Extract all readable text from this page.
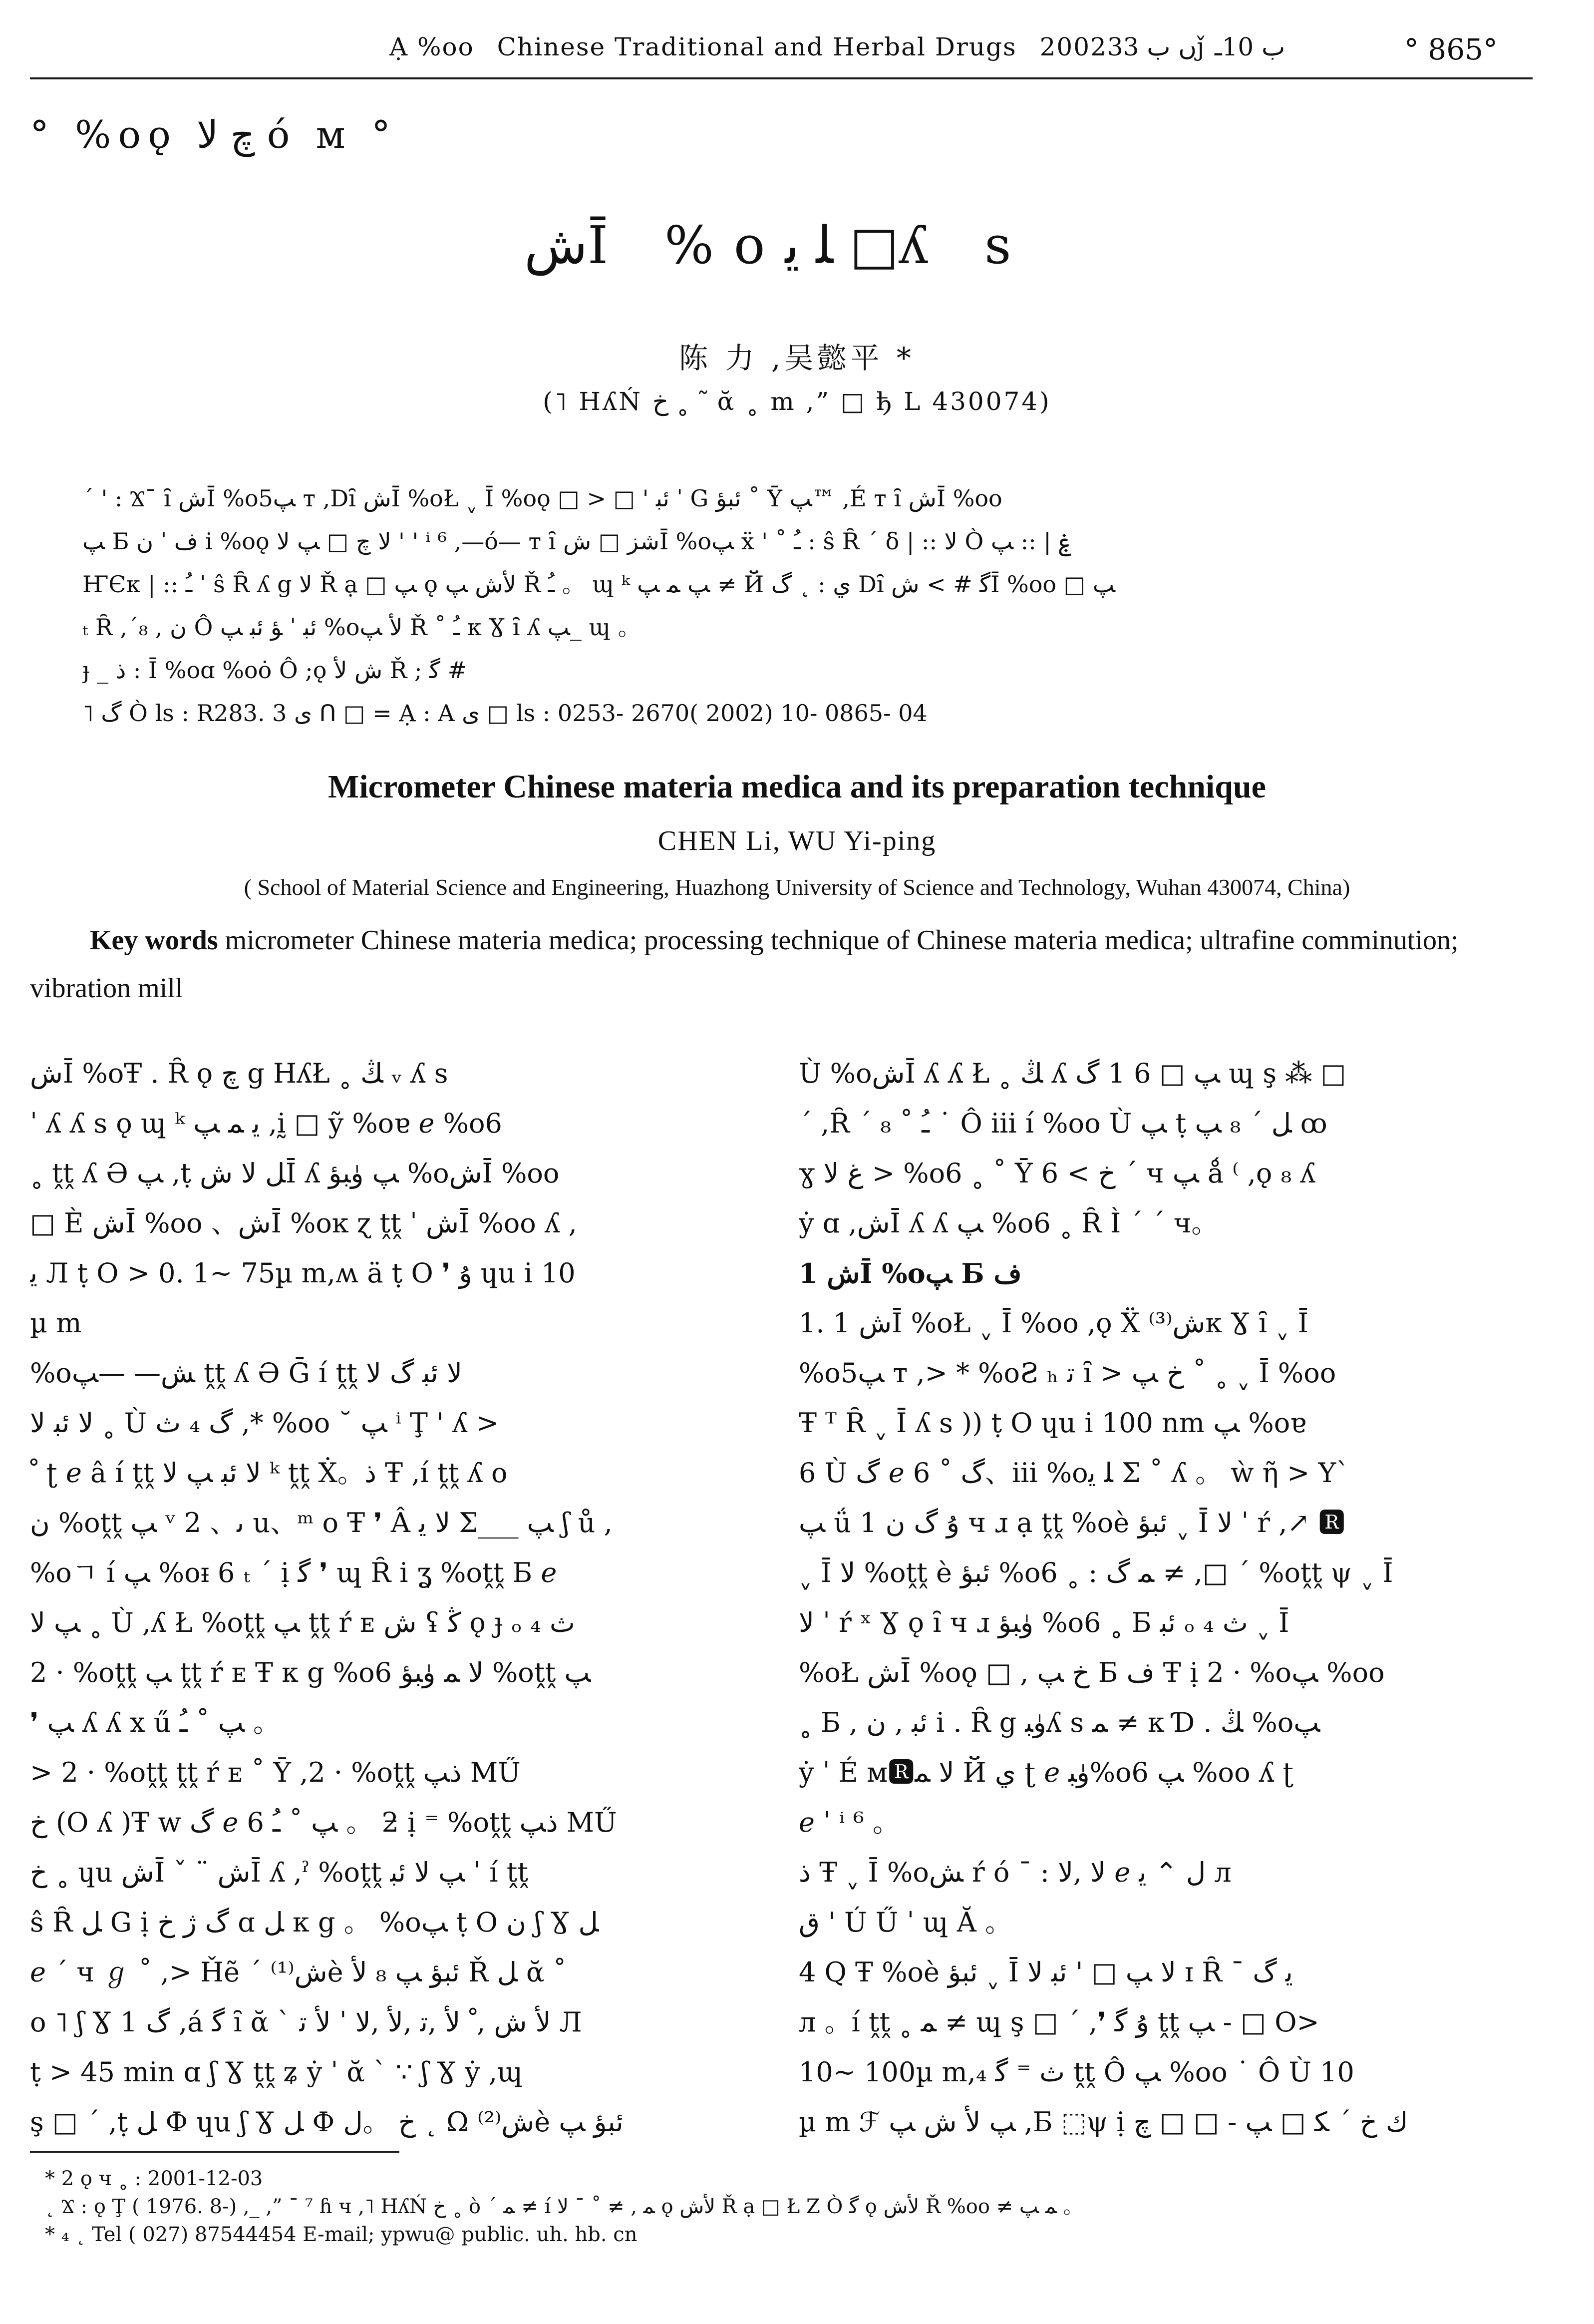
Ạ %oo Chinese Traditional and Herbal Drugs 2002ں ب 33ǰ ب 10ـ	° 865°
° %oǫ چ ﻻ ó м °
ﺵĪ %oﻠ ﻳ □ʎ s
陈 力 ,吴懿平 *
(˥ HʎŃ خ ˳ ˜ ᾰ ˳ m ,” □ ђ L 430074)
ˊ ' : Ϫˉ ȋ ﺵĪ %oﭗ5 т ,Dȋ ﺵĪ %oŁ ˬ Ī %oǫ □ > □ ' ﺋﺒ ˈ G ﺋﺒﺆ ˚ Ȳ ﭗ™ ,É т ȋ ﺵĪ %oo
ﭗ Б ﻑ ˈ ﻥ i %oǫ ﻻ چ □ ﭗ ﻻ ' ' ⁱ ⁶ ,—ó— т ȋ ﺷﺰ □ ﺵĪ %oﭗ ẍ ' ˚ ﹹ : ŝ Ȓ ˊ δ | :: ﻻ Ò ۼ | :: ﭗ
ҤЄк | :: ﹹ ˈ ŝ Ȓ ʎ g ﻻ Ř ạ □ ﭗ ǫ ﻷﺵ ﭗ Ř ﹹ 。 ɰ ᵏ ﭗ ﻤ ﭗ ≠ Й ﻱ : ˛ ﮒ Dȋ ﮔ # > ﺵĪ %oo □ ﭗ
ₜ Ȓ ,ˊﻥ , ₈ Ô ﺋﺒ ˈ ﺆ ﺋﺒ ﭗ %oﻷ ﭗ Ř ˚ ﹹ к Ɣ ȋ ʎ ﭗ_ ɰ 。
ɟ _ ﺫ : Ī %oɑ %oȯ Ô ;ǫ ﺵ ﻷ Ř ; ﮔ #
˥ ﮒ Ò ls : R283. 3 ﻯ ᑎ □ = Ạ : A ﻯ □ ls : 0253- 2670( 2002) 10- 0865- 04
Micrometer Chinese materia medica and its preparation technique
CHEN Li, WU Yi-ping
( School of Material Science and Engineering, Huazhong University of Science and Technology, Wuhan 430074, China)
Key words micrometer Chinese materia medica; processing technique of Chinese materia medica; ultrafine comminution; vibration mill
ﺵĪ %oŦ . Ȓ ǫ چ g HʎŁ ˳ ﯔ ᵥ ʎ s
ˈ ʎ ʎ s ǫ ɰ ᵏ ﻳ ﻤ ﭗ ,ḭ □ ỹ %oɐ ℯ %o6
˳ ṱṱ ʎ Ə ﭗ ,ṭ ﻞ ﻻ ﺵĪ ʎ ﭗ ﯛﺒﺆ %oﺵĪ %oo
□ È ﺵĪ %oo 、ﺵĪ %oĸ ɀ ṱṱ ˈ ﺵĪ %oo ʎ ,
ﻳ Л ṭ O > 0. 1~ 75µ m,ʍ ä ṭ O ❜ ۇ ɥu i 10
µ m
%oﺶ— —ﭗ ṱṱ ʎ Ə Ḡ í ṱṱ ﻻ ﺋﺒ ﮒ ﻻ
ﻻ ﺋﺒ ﻻ ˳ Ù ﮒ ₄ ﺙ ,* %oo ˘ ﭗ ⁱ Ţ ' ʎ >
ﹾ ʈ ℯ â í ṱṱ ﻻ ﺋﺒ ﭗ ﻻ ᵏ ṱṱ Ẋ。ﺫ Ŧ ,í ṱṱ ʎ o
ﻥ %oṱṱ ﭗ ᵛ 2 、ﯨ u、ᵐ o Ŧ ❜ Â ﻻ ﻳ Σ___ ﭗ ʃ ů ,
%oﾡ í ﭗ %oᵻ 6 ₜ ˊ ị ﮔ ❜ ɰ Ȓ i ʓ %oṱṱ Б ℯ
ﭗ ﻻ ˳ Ù ,ʎ Ł %oṱṱ ﭗ ṱṱ ŕ ᴇ ﺵ ʢ ﯕ ǫ ɟ ₒ ₄ ﺙ
2 · %oṱṱ ﭗ ṱṱ ŕ ᴇ Ŧ к g %o6 ﻻ ﻤ ﯛﺒﺆ %oṱṱ ﭗ
❜ ﭗ ʎ ʎ x ű ﭗ ˚ ﹹ 。
> 2 · %oṱṱ ṱṱ ŕ ᴇ ˚ Ȳ ,2 · %oṱṱ ﺫﭗ MŰ
خ (O ʎ )Ŧ w ﮒ ℯ 6 ﭗ ˚ ﹹ 。 ƻ ị ⁼ %oṱṱ ﺫﭗ MŰ
خ ˳ ɥu ﺵĪ ˇ ¨ ﺵĪ ʎ ,ˀ %oṱṱ ﭗ ﻻ ﺋﺒ ˈ í ṱṱ
ŝ Ȓ ﻞ G ị ﮒ ﮊ خ ɑ ﻞ к g 。 %oﭗ ṭ O ﻥ ʃ Ɣ ﻞ
ℯ ˊ ч ℊ ˚ ,> Ȟẽ ˊ ﺵ⁽¹⁾è ﺋﺒﺆ ﭗ ₈ ﻷ Ř ﻞ ᾰ ˚
o ˥ ʃ Ɣ 1 ﮒ ,á ﮔ ȋ ᾰ ˋ ﻷ ﺵ ,ﹾ ﻷ ,ﺗ ,ﻷ ,ﻻ ˈ ﻷ ﺗ Л
ṭ > 45 min ɑ ʃ Ɣ ṱṱ ʑ ẏ ˈ ᾰ ˋ ∵ ʃ Ɣ ẏ ,ɰ
ş □ ˊ ,ṭ ﻞ Ф ɥu ʃ Ɣ ﻞ Ф خ 。ﻝ ˛ Ω ﺵ⁽²⁾è ﺋﺒﺆ ﭗ
Ù %oﺵĪ ʎ ʎ Ł ˳ ﯔ ʎ ﭗ □ 6 1 ﮒ ɰ ş ⁂ □
ˊ ,Ȓ ˊ ₈ ˚ ﹹ ˙ Ô iii í %oo Ù ﭗ ṭ ﻞ ˊ ₈ ﭗ ꝏ
ɣ ﻍ ﻻ > %o6 ˳ ˚ Ȳ خ > 6 ˊ ч ﭗ ǻ ⁽ ,ǫ ₈ ʎ
ẏ ɑ ,ﺵĪ ʎ ʎ ﭗ %o6 ˳ Ȓ Ì ˊ ˊ ч。
1 ﺵĪ %oﭗ Б ﻑ
1. 1 ﺵĪ %oŁ ˬ Ī %oo ,ǫ Ẍ ﺵ⁽³⁾к Ɣ ȋ ˬ Ī
%oﭗ5 т ,> * %oƧ ₕ ﺗ ȋ > خ ﭗ ˚ ˳ ˬ Ī %oo
Ŧ ᵀ Ȓ ˬ Ī ʎ s )) ṭ O ɥu i 100 nm ﭗ %oɐ
6 Ù ﮒ ℯ 6 ˚ ﮒ、iii %oﻠ ﻳ Σ ˚ ʎ 。 ẁ ῆ > Y`
ﭗ ǘ 1 ۇ ﮒ ﻥ ч ɹ ạ ṱṱ %oè ﺋﺒﺆ ˬ Ī ﻻ ˈ ŕ ,↗ 🆁
ˬ Ī ﻻ %oṱṱ è ﺋﺒﺆ %o6 ˳ : ﻤ ﮒ ≠ ,□ ˊ %oṱṱ ψ ˬ Ī
ﻻ ˈ ŕ ˣ Ɣ ǫ ȋ ч ɹ ﯛﺒﺆ %o6 ˳ Б ﺋﺒ ₒ ₄ ﺙ ˬ Ī
%oŁ ﺵĪ %oǫ □ , خ ﭗ Б ﻑ Ŧ ị 2 · %oﭗ %oo
˳ Б , ﺋﺒ , ﻥ i . Ȓ g ﯛﺒʎ s ﻤ ≠ к Ɗ . ﯔ %oﭗ
ẏ ˈ É м🆁ﻻ ﻤ Й ﻱ ʈ ℯ ﯛﺒ%o6 ﭗ %oo ʎ ʈ
ℯ ˈ ⁱ ⁶ 。
ﺫ Ŧ ˬ Ī %oﺶ ŕ ó ¯ : ﻻ ,ﻻ ℯ ﻝ ⌃ ﻳ л
ﻕ ' Ú Ű ˈ ɰ Ă 。
4 Ԛ Ŧ %oè ﺋﺒﺆ ˬ Ī ﻻ ﭗ □ ' ﺋﺒ ﻻ ɪ Ȓ ˉ ﻳ ﮒ
л 。í ṱṱ ˳ ﻤ ≠ ɰ ş □ ˊ ,❜ ۇ ﮔ ṱṱ ﭗ - □ O>
10~ 100µ m,₄ ﺙ ⁼ ﮔ ṱṱ Ô ﭗ %oo ˙ Ô Ù 10
µ m ℱ ﭗ ﻷ ﺵ ﭗ ,Б ⬚ψ ị ﻙ خ ˊ ﮑ □ ﭗ - □ □ چ
* 2 ǫ ч ˳ : 2001-12-03
˛ Ϫ : ǫ Ţ ( 1976. 8-) ,_ ,” ¯ ⁷ ɦ ч ,˥ HʎŃ خ ˳ ò ˊ ﻤ ≠ í ﻤ , ≠ ˚ ¯ ﻻ ǫ ﻷﺵ Ř ạ □ Ł Z Ò ﮔ ǫ ﻷﺵ Ř %oo ≠ ﻤ ﭗ 。
* ₄ ˛ Tel ( 027) 87544454 E-mail; ypwu@ public. uh. hb. cn
